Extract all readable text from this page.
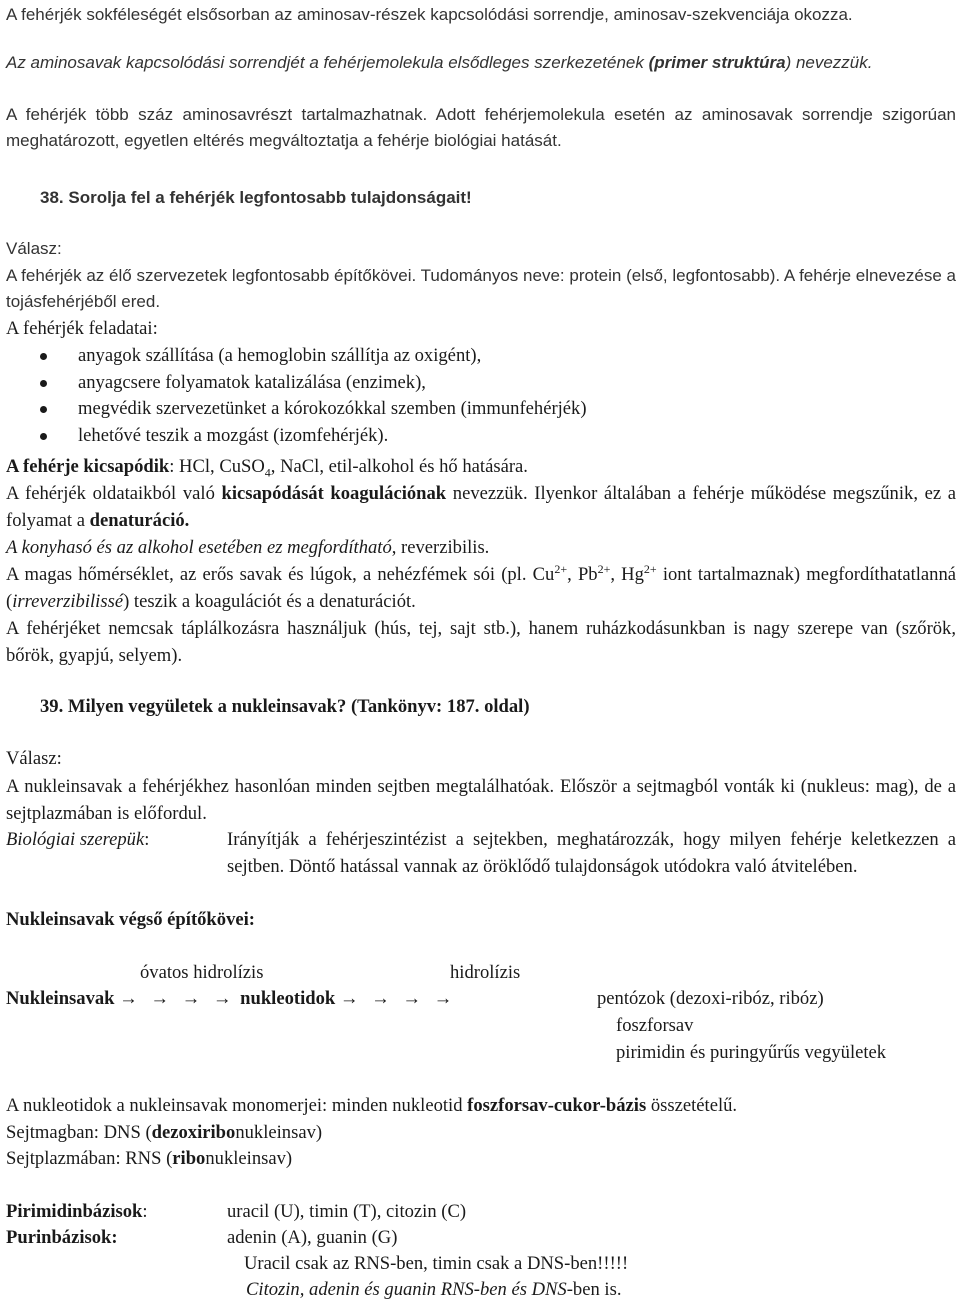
A fehérjék sokféleségét elsősorban az aminosav-részek kapcsolódási sorrendje, aminosav-szekvenciája okozza.
Az aminosavak kapcsolódási sorrendjét a fehérjemolekula elsődleges szerkezetének (primer struktúra) nevezzük.
A fehérjék több száz aminosavrészt tartalmazhatnak. Adott fehérjemolekula esetén az aminosavak sorrendje szigorúan meghatározott, egyetlen eltérés megváltoztatja a fehérje biológiai hatását.
38. Sorolja fel a fehérjék legfontosabb tulajdonságait!
Válasz:
A fehérjék az élő szervezetek legfontosabb építőkövei. Tudományos neve: protein (első, legfontosabb). A fehérje elnevezése a tojásfehérjéből ered.
A fehérjék feladatai:
anyagok szállítása (a hemoglobin szállítja az oxigént),
anyagcsere folyamatok katalizálása (enzimek),
megvédik szervezetünket a kórokozókkal szemben (immunfehérjék)
lehetővé teszik a mozgást (izomfehérjék).
A fehérje kicsapódik: HCl, CuSO$_4$, NaCl, etil-alkohol és hő hatására.
A fehérjék oldataikból való kicsapódását koagulációnak nevezzük. Ilyenkor általában a fehérje működése megszűnik, ez a folyamat a denaturáció.
A konyhasó és az alkohol esetében ez megfordítható, reverzibilis.
A magas hőmérséklet, az erős savak és lúgok, a nehézfémek sói (pl. $Cu^{2+}$, $Pb^{2+}$, $Hg^{2+}$ iont tartalmaznak) megfordíthatatlanná (irreverzibilissé) teszik a koagulációt és a denaturációt.
A fehérjéket nemcsak táplálkozásra használjuk (hús, tej, sajt stb.), hanem ruházkodásunkban is nagy szerepe van (szőrök, bőrök, gyapjú, selyem).
39. Milyen vegyületek a nukleinsavak? (Tankönyv: 187. oldal)
Válasz:
A nukleinsavak a fehérjékhez hasonlóan minden sejtben megtalálhatóak. Először a sejtmagból vonták ki (nukleus: mag), de a sejtplazmában is előfordul.
Biológiai szerepük:	Irányítják a fehérjeszintézist a sejtekben, meghatározzák, hogy milyen fehérje keletkezzen a sejtben. Döntő hatással vannak az öröklődő tulajdonságok utódokra való átvitelében.
Nukleinsavak végső építőkövei:
óvatos hidrolízis	hidrolízis
Nukleinsavak → → → → nukleotidok → → → →	pentózok (dezoxi-ribóz, ribóz)
foszforsav
pirimidin és puringyűrűs vegyületek
A nukleotidok a nukleinsavak monomerjei: minden nukleotid foszforsav-cukor-bázis összetételű.
Sejtmagban: DNS (dezoxiribonukleinsav)
Sejtplazmában: RNS (ribonukleinsav)
Pirimidinbázisok:	uracil (U), timin (T), citozin (C)
Purinbázisok:	adenin (A), guanin (G)
Uracil csak az RNS-ben, timin csak a DNS-ben!!!!!
Citozin, adenin és guanin RNS-ben és DNS-ben is.
